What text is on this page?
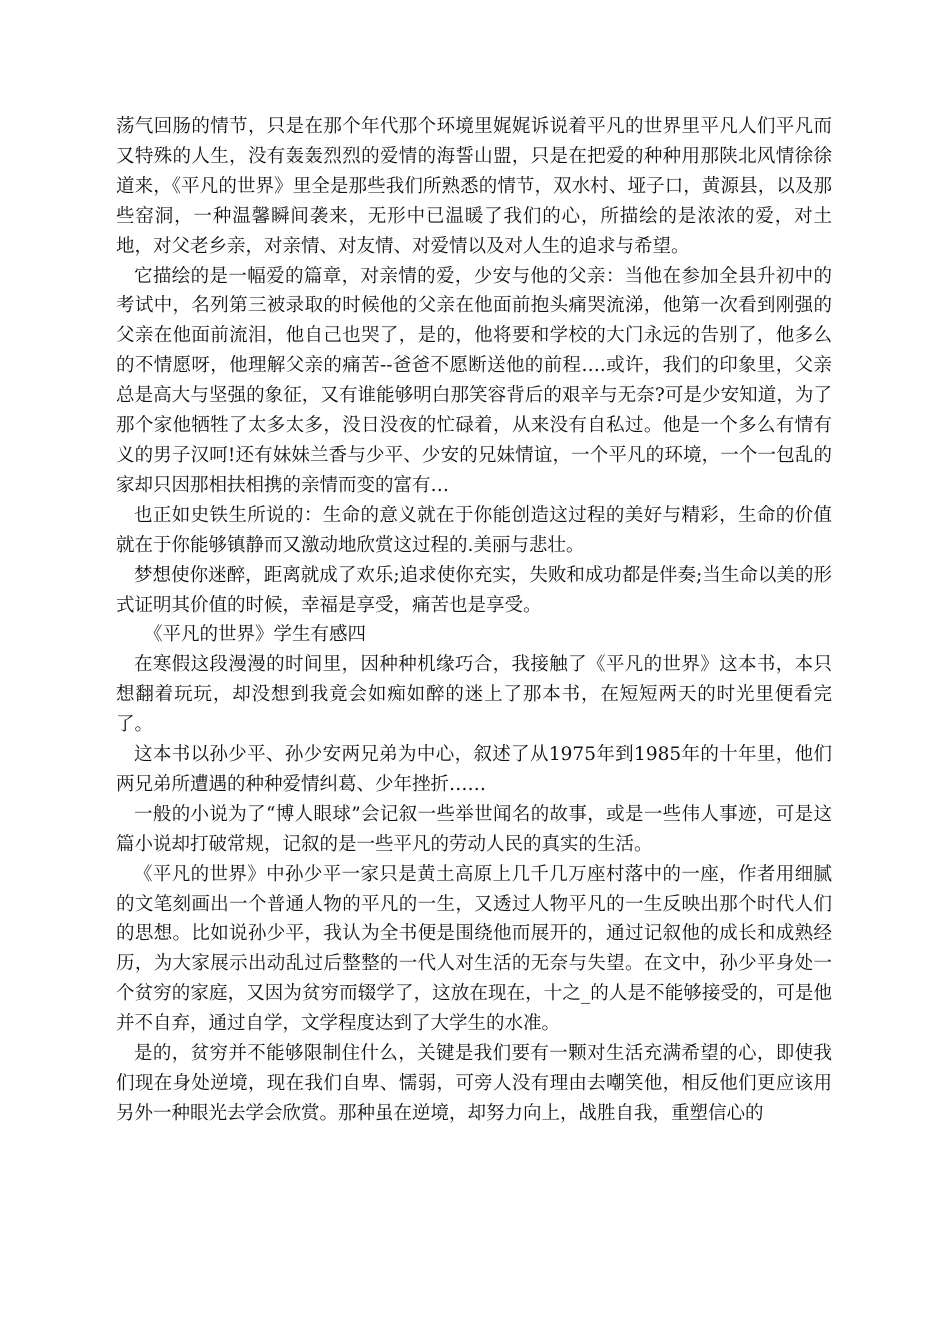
荡气回肠的情节，只是在那个年代那个环境里娓娓诉说着平凡的世界里平凡人们平凡而又特殊的人生，没有轰轰烈烈的爱情的海誓山盟，只是在把爱的种种用那陕北风情徐徐道来，《平凡的世界》里全是那些我们所熟悉的情节，双水村、垭子口，黄源县，以及那些窑洞，一种温馨瞬间袭来，无形中已温暖了我们的心，所描绘的是浓浓的爱，对土地，对父老乡亲，对亲情、对友情、对爱情以及对人生的追求与希望。

它描绘的是一幅爱的篇章，对亲情的爱，少安与他的父亲：当他在参加全县升初中的考试中，名列第三被录取的时候他的父亲在他面前抱头痛哭流涕，他第一次看到刚强的父亲在他面前流泪，他自己也哭了，是的，他将要和学校的大门永远的告别了，他多么的不情愿呀，他理解父亲的痛苦--爸爸不愿断送他的前程….或许，我们的印象里，父亲总是高大与坚强的象征，又有谁能够明白那笑容背后的艰辛与无奈?可是少安知道，为了那个家他牺牲了太多太多，没日没夜的忙碌着，从来没有自私过。他是一个多么有情有义的男子汉呵!还有妹妹兰香与少平、少安的兄妹情谊，一个平凡的环境，一个一包乱的家却只因那相扶相携的亲情而变的富有…

也正如史铁生所说的：生命的意义就在于你能创造这过程的美好与精彩，生命的价值就在于你能够镇静而又激动地欣赏这过程的.美丽与悲壮。

梦想使你迷醉，距离就成了欢乐;追求使你充实，失败和成功都是伴奏;当生命以美的形式证明其价值的时候，幸福是享受，痛苦也是享受。

《平凡的世界》学生有感四

在寒假这段漫漫的时间里，因种种机缘巧合，我接触了《平凡的世界》这本书，本只想翻着玩玩，却没想到我竟会如痴如醉的迷上了那本书，在短短两天的时光里便看完了。

这本书以孙少平、孙少安两兄弟为中心，叙述了从1975年到1985年的十年里，他们两兄弟所遭遇的种种爱情纠葛、少年挫折……

一般的小说为了“博人眼球”会记叙一些举世闻名的故事，或是一些伟人事迹，可是这篇小说却打破常规，记叙的是一些平凡的劳动人民的真实的生活。

《平凡的世界》中孙少平一家只是黄土高原上几千几万座村落中的一座，作者用细腻的文笔刻画出一个普通人物的平凡的一生，又透过人物平凡的一生反映出那个时代人们的思想。比如说孙少平，我认为全书便是围绕他而展开的，通过记叙他的成长和成熟经历，为大家展示出动乱过后整整的一代人对生活的无奈与失望。在文中，孙少平身处一个贫穷的家庭，又因为贫穷而辍学了，这放在现在，十之_的人是不能够接受的，可是他并不自弃，通过自学，文学程度达到了大学生的水准。

是的，贫穷并不能够限制住什么，关键是我们要有一颗对生活充满希望的心，即使我们现在身处逆境，现在我们自卑、懦弱，可旁人没有理由去嘲笑他，相反他们更应该用另外一种眼光去学会欣赏。那种虽在逆境，却努力向上，战胜自我，重塑信心的
